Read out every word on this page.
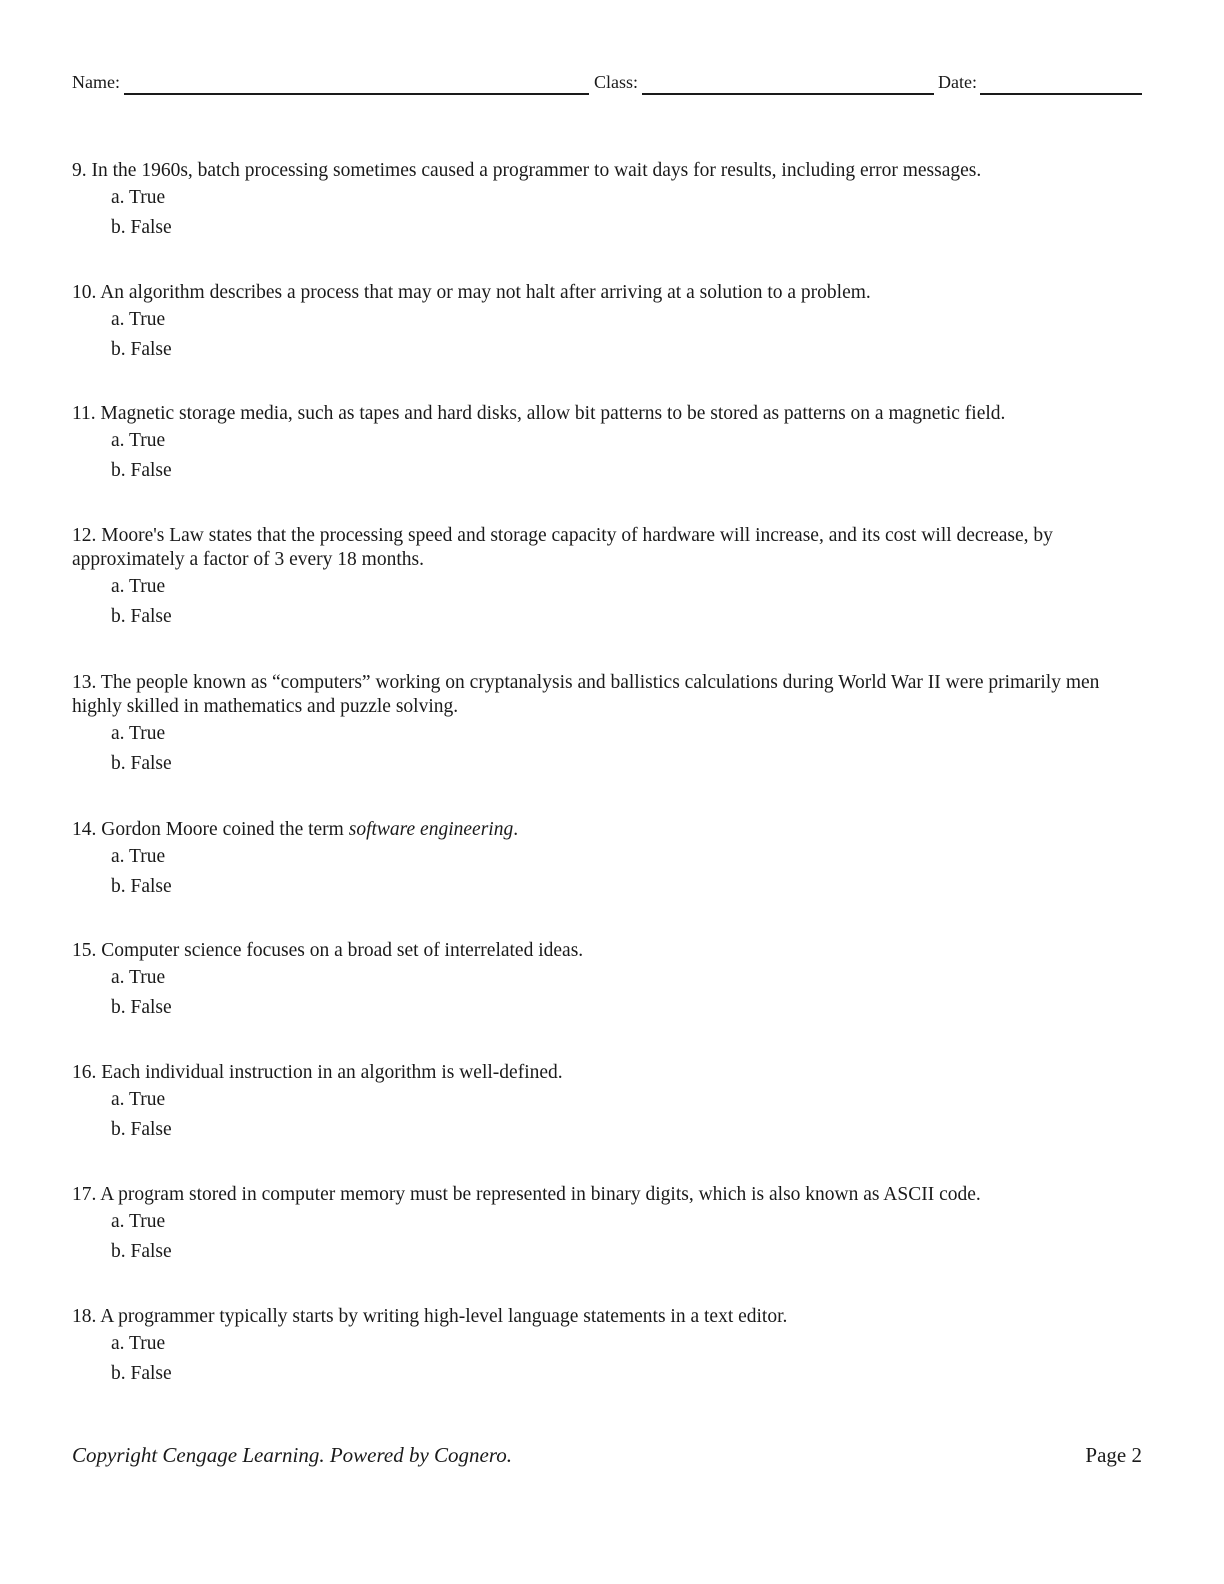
Name:	Class:	Date:
9. In the 1960s, batch processing sometimes caused a programmer to wait days for results, including error messages.
a. True
b. False
10. An algorithm describes a process that may or may not halt after arriving at a solution to a problem.
a. True
b. False
11. Magnetic storage media, such as tapes and hard disks, allow bit patterns to be stored as patterns on a magnetic field.
a. True
b. False
12. Moore's Law states that the processing speed and storage capacity of hardware will increase, and its cost will decrease, by approximately a factor of 3 every 18 months.
a. True
b. False
13. The people known as “computers” working on cryptanalysis and ballistics calculations during World War II were primarily men highly skilled in mathematics and puzzle solving.
a. True
b. False
14. Gordon Moore coined the term software engineering.
a. True
b. False
15. Computer science focuses on a broad set of interrelated ideas.
a. True
b. False
16. Each individual instruction in an algorithm is well-defined.
a. True
b. False
17. A program stored in computer memory must be represented in binary digits, which is also known as ASCII code.
a. True
b. False
18. A programmer typically starts by writing high-level language statements in a text editor.
a. True
b. False
Copyright Cengage Learning. Powered by Cognero.	Page 2
